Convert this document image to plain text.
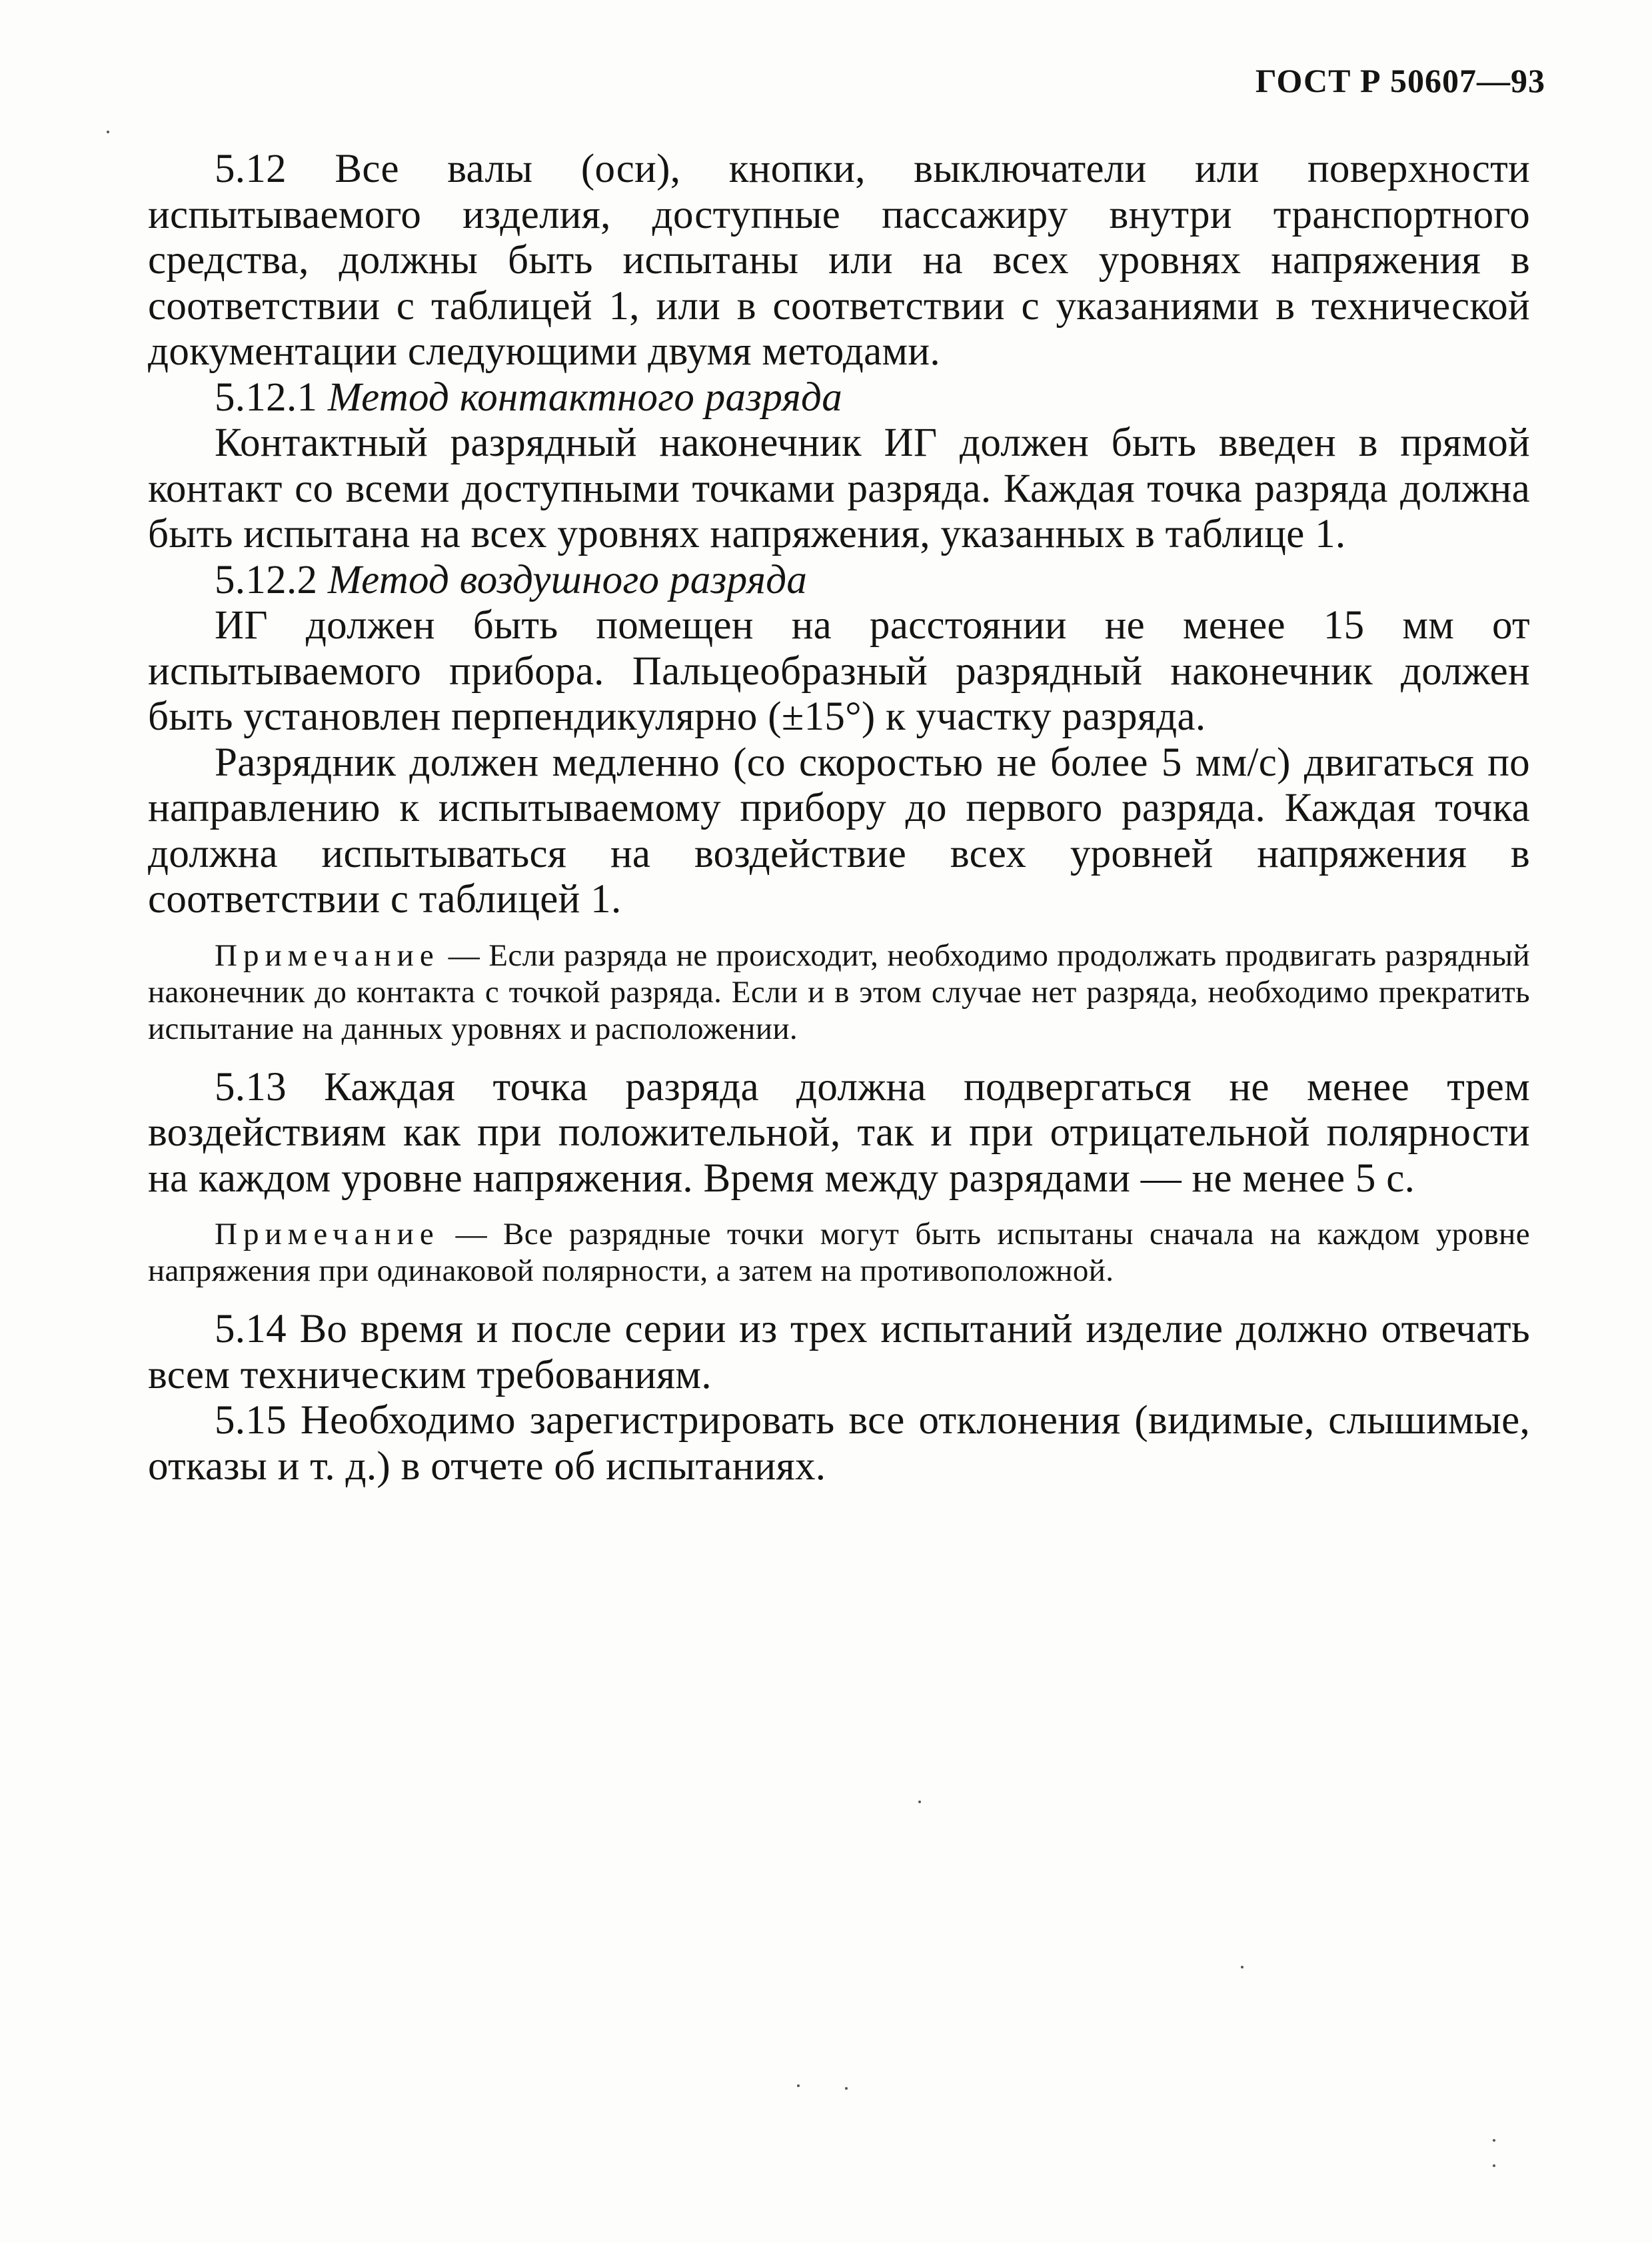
ГОСТ Р 50607—93

5.12 Все валы (оси), кнопки, выключатели или поверхности испытываемого изделия, доступные пассажиру внутри транспортного средства, должны быть испытаны или на всех уровнях напряжения в соответствии с таблицей 1, или в соответствии с указаниями в технической документации следующими двумя методами.

5.12.1 Метод контактного разряда

Контактный разрядный наконечник ИГ должен быть введен в прямой контакт со всеми доступными точками разряда. Каждая точка разряда должна быть испытана на всех уровнях напряжения, указанных в таблице 1.

5.12.2 Метод воздушного разряда

ИГ должен быть помещен на расстоянии не менее 15 мм от испытываемого прибора. Пальцеобразный разрядный наконечник должен быть установлен перпендикулярно (±15°) к участку разряда.

Разрядник должен медленно (со скоростью не более 5 мм/с) двигаться по направлению к испытываемому прибору до первого разряда. Каждая точка должна испытываться на воздействие всех уровней напряжения в соответствии с таблицей 1.

Примечание — Если разряда не происходит, необходимо продолжать продвигать разрядный наконечник до контакта с точкой разряда. Если и в этом случае нет разряда, необходимо прекратить испытание на данных уровнях и расположении.

5.13 Каждая точка разряда должна подвергаться не менее трем воздействиям как при положительной, так и при отрицательной полярности на каждом уровне напряжения. Время между разрядами — не менее 5 с.

Примечание — Все разрядные точки могут быть испытаны сначала на каждом уровне напряжения при одинаковой полярности, а затем на противоположной.

5.14 Во время и после серии из трех испытаний изделие должно отвечать всем техническим требованиям.

5.15 Необходимо зарегистрировать все отклонения (видимые, слышимые, отказы и т. д.) в отчете об испытаниях.
